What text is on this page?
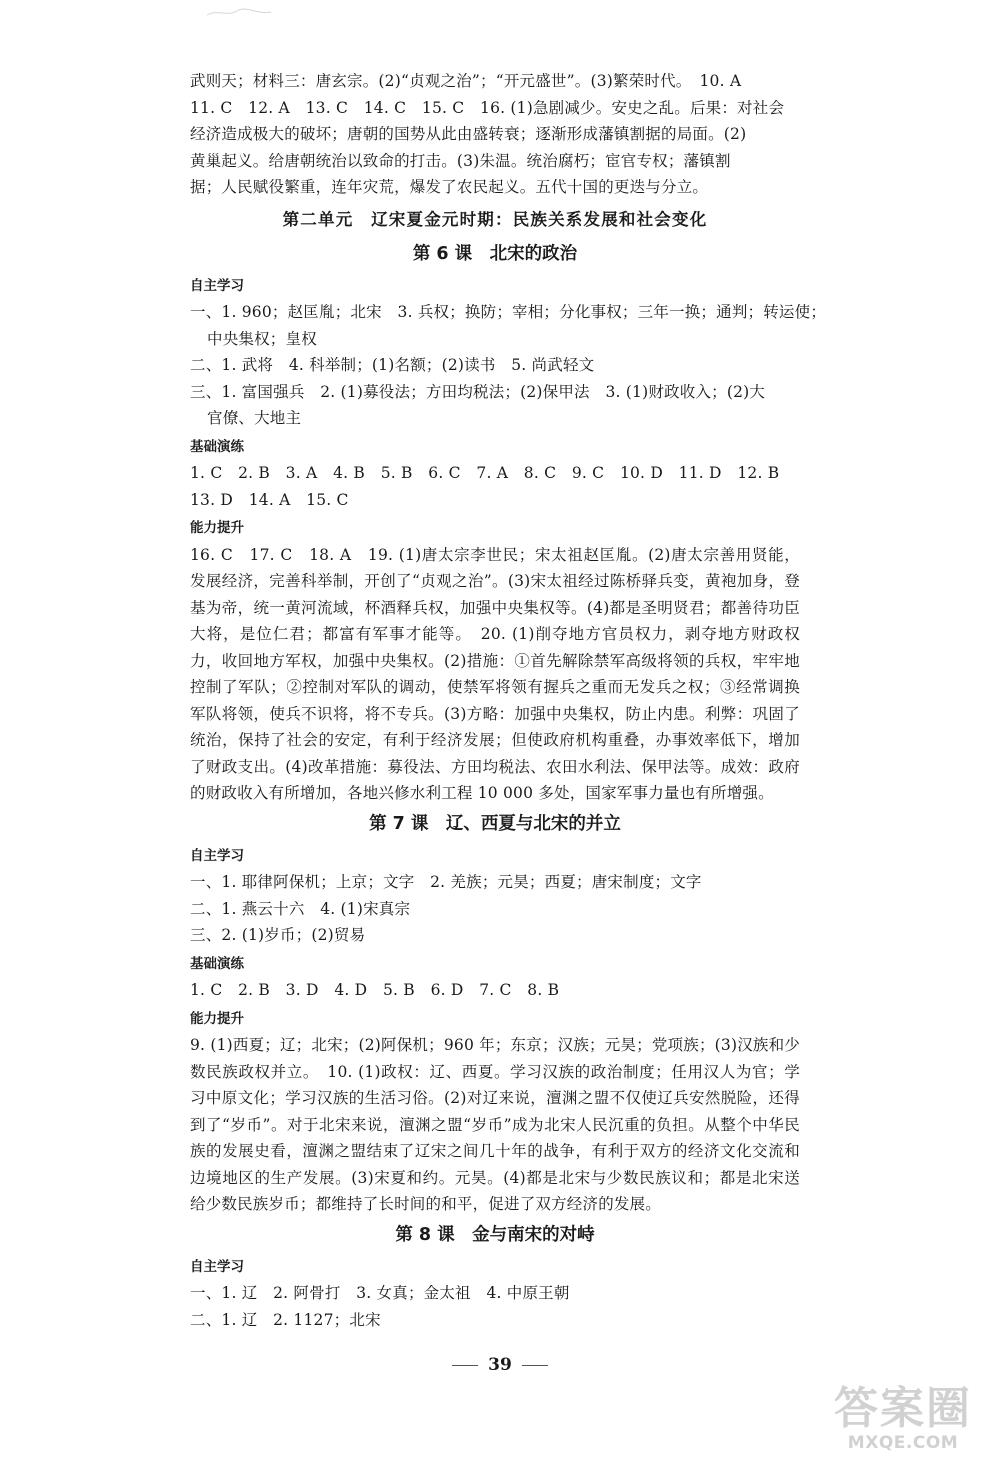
武则天；材料三：唐玄宗。(2)“贞观之治”；“开元盛世”。(3)繁荣时代。　10. A

11. C　12. A　13. C　14. C　15. C　16. (1)急剧减少。安史之乱。后果：对社会

经济造成极大的破坏；唐朝的国势从此由盛转衰；逐渐形成藩镇割据的局面。(2)

黄巢起义。给唐朝统治以致命的打击。(3)朱温。统治腐朽；宦官专权；藩镇割

据；人民赋役繁重，连年灾荒，爆发了农民起义。五代十国的更迭与分立。

第二单元　辽宋夏金元时期：民族关系发展和社会变化
第 6 课　北宋的政治
自主学习

一、1. 960；赵匡胤；北宋　3. 兵权；换防；宰相；分化事权；三年一换；通判；转运使；

中央集权；皇权

二、1. 武将　4. 科举制；(1)名额；(2)读书　5. 尚武轻文

三、1. 富国强兵　2. (1)募役法；方田均税法；(2)保甲法　3. (1)财政收入；(2)大

官僚、大地主

基础演练

1. C　2. B　3. A　4. B　5. B　6. C　7. A　8. C　9. C　10. D　11. D　12. B

13. D　14. A　15. C

能力提升

16. C　17. C　18. A　19. (1)唐太宗李世民；宋太祖赵匡胤。(2)唐太宗善用贤能，发展经济，完善科举制，开创了“贞观之治”。(3)宋太祖经过陈桥驿兵变，黄袍加身，登基为帝，统一黄河流域，杯酒释兵权，加强中央集权等。(4)都是圣明贤君；都善待功臣大将，是位仁君；都富有军事才能等。　20. (1)削夺地方官员权力，剥夺地方财政权力，收回地方军权，加强中央集权。(2)措施：①首先解除禁军高级将领的兵权，牢牢地控制了军队；②控制对军队的调动，使禁军将领有握兵之重而无发兵之权；③经常调换军队将领，使兵不识将，将不专兵。(3)方略：加强中央集权，防止内患。利弊：巩固了统治，保持了社会的安定，有利于经济发展；但使政府机构重叠，办事效率低下，增加了财政支出。(4)改革措施：募役法、方田均税法、农田水利法、保甲法等。成效：政府的财政收入有所增加，各地兴修水利工程 10 000 多处，国家军事力量也有所增强。

第 7 课　辽、西夏与北宋的并立
自主学习

一、1. 耶律阿保机；上京；文字　2. 羌族；元昊；西夏；唐宋制度；文字

二、1. 燕云十六　4. (1)宋真宗

三、2. (1)岁币；(2)贸易

基础演练

1. C　2. B　3. D　4. D　5. B　6. D　7. C　8. B

能力提升

9. (1)西夏；辽；北宋；(2)阿保机；960 年；东京；汉族；元昊；党项族；(3)汉族和少数民族政权并立。　10. (1)政权：辽、西夏。学习汉族的政治制度；任用汉人为官；学习中原文化；学习汉族的生活习俗。(2)对辽来说，澶渊之盟不仅使辽兵安然脱险，还得到了“岁币”。对于北宋来说，澶渊之盟“岁币”成为北宋人民沉重的负担。从整个中华民族的发展史看，澶渊之盟结束了辽宋之间几十年的战争，有利于双方的经济文化交流和边境地区的生产发展。(3)宋夏和约。元昊。(4)都是北宋与少数民族议和；都是北宋送给少数民族岁币；都维持了长时间的和平，促进了双方经济的发展。

第 8 课　金与南宋的对峙
自主学习

一、1. 辽　2. 阿骨打　3. 女真；金太祖　4. 中原王朝

二、1. 辽　2. 1127；北宋

39
答案圈
MXQE.COM
